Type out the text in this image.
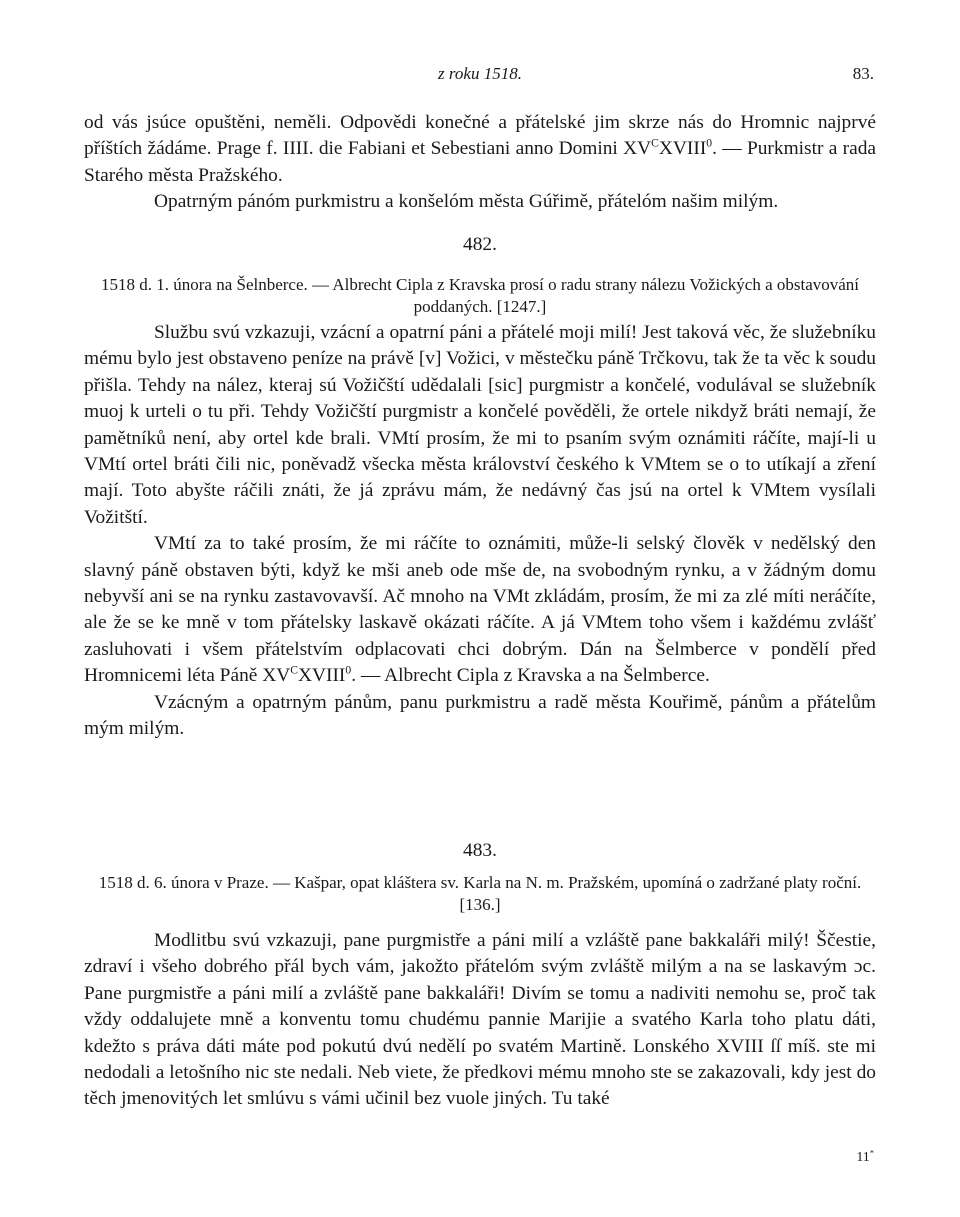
z roku 1518.	83.

od vás jsúce opuštěni, neměli. Odpovědi konečné a přátelské jim skrze nás do Hromnic najprvé příštích žádáme. Prage f. IIII. die Fabiani et Sebestiani anno Domini $XV^CXVIII^0$. — Purkmistr a rada Starého města Pražského.

Opatrným pánóm purkmistru a konšelóm města Gúřimě, přátelóm našim milým.

482.
1518 d. 1. února na Šelnberce. — Albrecht Cipla z Kravska prosí o radu strany nálezu Vožických a obstavování poddaných. [1247.]

Službu svú vzkazuji, vzácní a opatrní páni a přátelé moji milí! Jest taková věc, že služebníku mému bylo jest obstaveno peníze na právě [v] Vožici, v městečku páně Trčkovu, tak že ta věc k soudu přišla. Tehdy na nález, kteraj sú Vožičští udědalali [sic] purgmistr a končelé, vodulával se služebník muoj k urteli o tu při. Tehdy Vožičští purgmistr a končelé pověděli, že ortele nikdyž bráti nemají, že pamětníků není, aby ortel kde brali. VMtí prosím, že mi to psaním svým oznámiti ráčíte, mají-li u VMtí ortel bráti čili nic, poněvadž všecka města království českého k VMtem se o to utíkají a zření mají. Toto abyšte ráčili znáti, že já zprávu mám, že nedávný čas jsú na ortel k VMtem vysílali Vožitští.

VMtí za to také prosím, že mi ráčíte to oznámiti, může-li selský člověk v nedělský den slavný páně obstaven býti, když ke mši aneb ode mše de, na svobodným rynku, a v žádným domu nebyvší ani se na rynku zastavovavší. Ač mnoho na VMt zkládám, prosím, že mi za zlé míti neráčíte, ale že se ke mně v tom přátelsky laskavě okázati ráčíte. A já VMtem toho všem i každému zvlášť zasluhovati i všem přátelstvím odplacovati chci dobrým. Dán na Šelmberce v pondělí před Hromnicemi léta Páně $XV^CXVIII^0$. — Albrecht Cipla z Kravska a na Šelmberce.

Vzácným a opatrným pánům, panu purkmistru a radě města Kouřimě, pánům a přátelům mým milým.

483.
1518 d. 6. února v Praze. — Kašpar, opat kláštera sv. Karla na N. m. Pražském, upomíná o zadržané platy roční. [136.]

Modlitbu svú vzkazuji, pane purgmistře a páni milí a vzláště pane bakkaláři milý! Ščestie, zdraví i všeho dobrého přál bych vám, jakožto přátelóm svým zvláště milým a na se laskavým ɔc. Pane purgmistře a páni milí a zvláště pane bakkaláři! Divím se tomu a nadiviti nemohu se, proč tak vždy oddalujete mně a konventu tomu chudému pannie Marijie a svatého Karla toho platu dáti, kdežto s práva dáti máte pod pokutú dvú nedělí po svatém Martině. Lonského XVIII ſſ míš. ste mi nedodali a letošního nic ste nedali. Neb viete, že předkovi mému mnoho ste se zakazovali, kdy jest do těch jmenovitých let smlúvu s vámi učinil bez vuole jiných. Tu také

11*
